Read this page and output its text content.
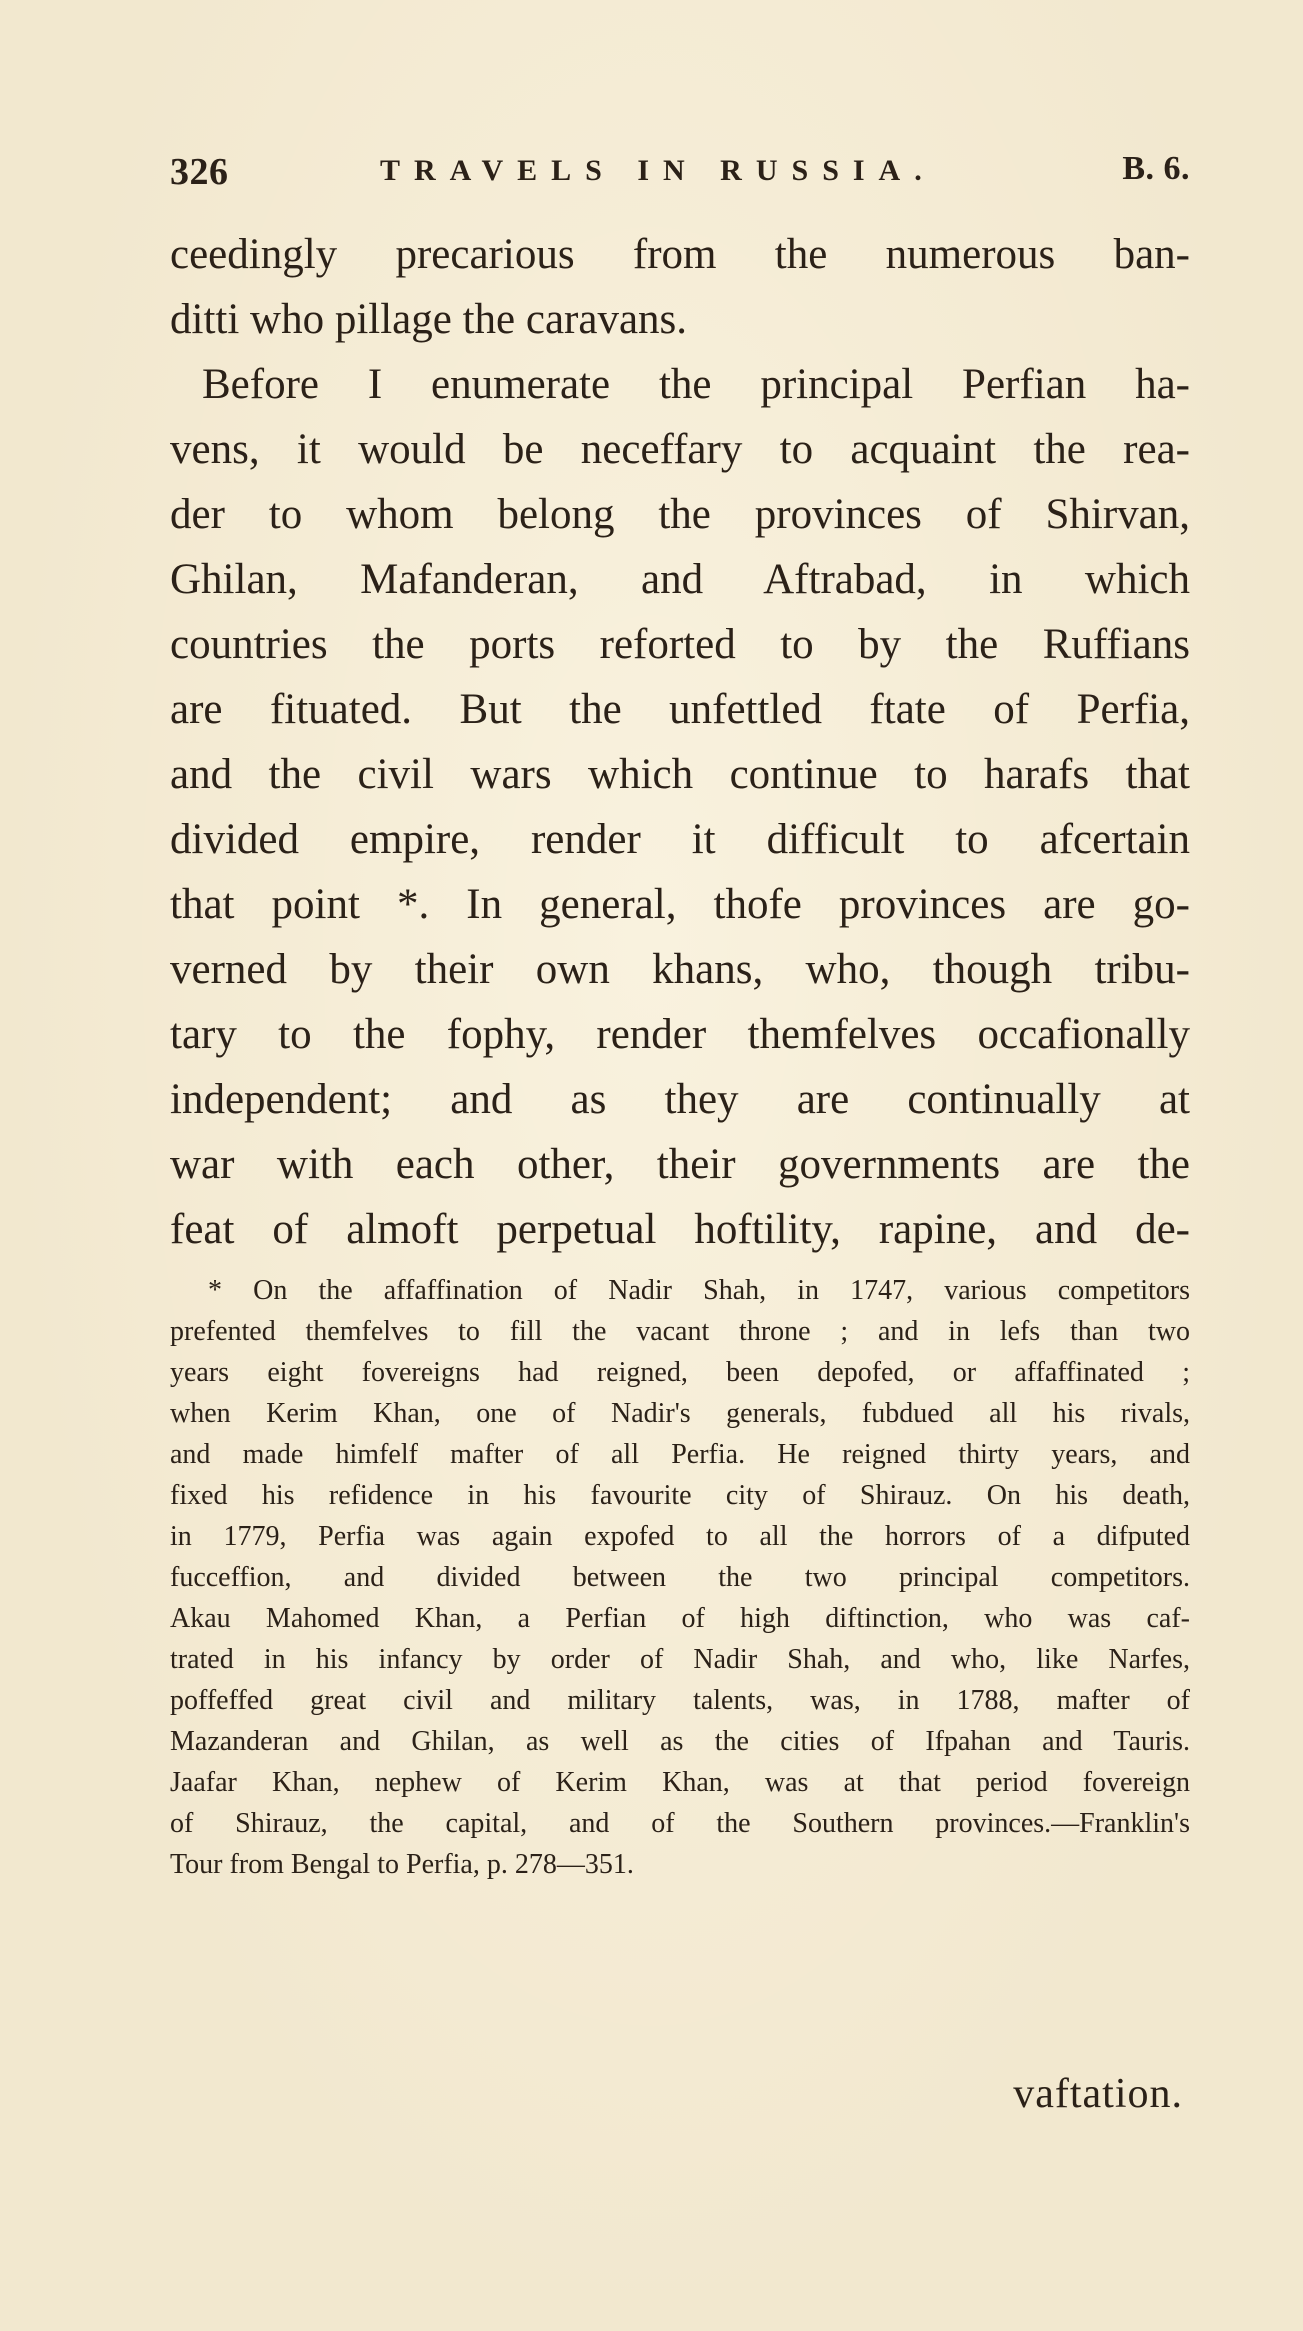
326	TRAVELS IN RUSSIA.	B. 6.
ceedingly precarious from the numerous ban-
ditti who pillage the caravans.
Before I enumerate the principal Perfian ha-
vens, it would be neceffary to acquaint the rea-
der to whom belong the provinces of Shirvan,
Ghilan, Mafanderan, and Aftrabad, in which
countries the ports reforted to by the Ruffians
are fituated. But the unfettled ftate of Perfia,
and the civil wars which continue to harafs that
divided empire, render it difficult to afcertain
that point *. In general, thofe provinces are go-
verned by their own khans, who, though tribu-
tary to the fophy, render themfelves occafionally
independent; and as they are continually at
war with each other, their governments are the
feat of almoft perpetual hoftility, rapine, and de-
* On the affaffination of Nadir Shah, in 1747, various competitors
prefented themfelves to fill the vacant throne ; and in lefs than two
years eight fovereigns had reigned, been depofed, or affaffinated ;
when Kerim Khan, one of Nadir's generals, fubdued all his rivals,
and made himfelf mafter of all Perfia. He reigned thirty years, and
fixed his refidence in his favourite city of Shirauz. On his death,
in 1779, Perfia was again expofed to all the horrors of a difputed
fucceffion, and divided between the two principal competitors.
Akau Mahomed Khan, a Perfian of high diftinction, who was caf-
trated in his infancy by order of Nadir Shah, and who, like Narfes,
poffeffed great civil and military talents, was, in 1788, mafter of
Mazanderan and Ghilan, as well as the cities of Ifpahan and Tauris.
Jaafar Khan, nephew of Kerim Khan, was at that period fovereign
of Shirauz, the capital, and of the Southern provinces.—Franklin's
Tour from Bengal to Perfia, p. 278—351.
vaftation.
